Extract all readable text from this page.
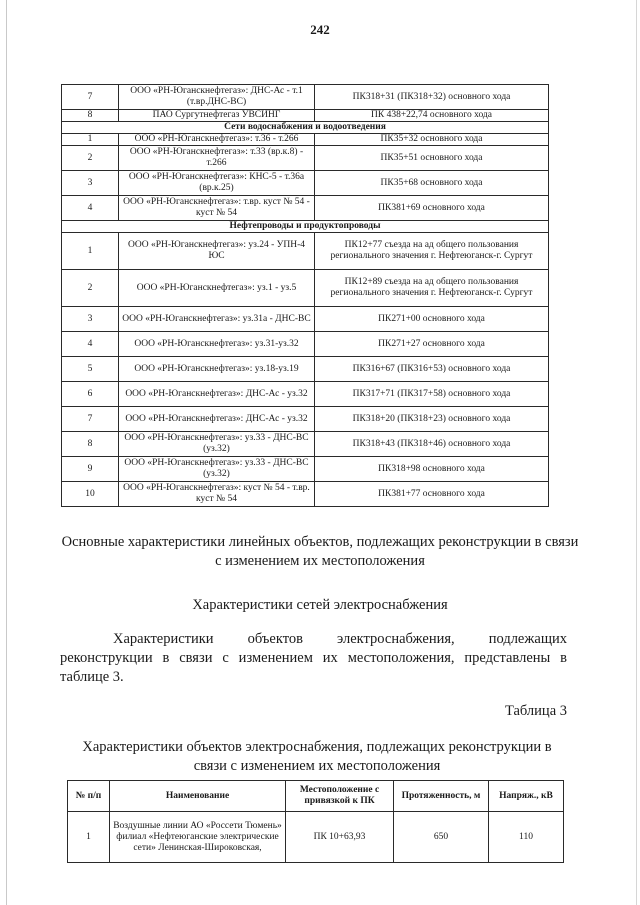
242
7	ООО «РН-Юганскнефтегаз»: ДНС-Ас - т.1 (т.вр.ДНС-ВС)	ПК318+31 (ПК318+32) основного хода
8	ПАО Сургутнефтегаз УВСИНГ	ПК 438+22,74 основного хода
Сети водоснабжения и водоотведения		
1	ООО «РН-Юганскнефтегаз»: т.36 - т.266	ПК35+32 основного хода
2	ООО «РН-Юганскнефтегаз»: т.33 (вр.к.8) - т.266	ПК35+51 основного хода
3	ООО «РН-Юганскнефтегаз»: КНС-5 - т.36а (вр.к.25)	ПК35+68 основного хода
4	ООО «РН-Юганскнефтегаз»: т.вр. куст № 54 - куст № 54	ПК381+69 основного хода
Нефтепроводы и продуктопроводы		
1	ООО «РН-Юганскнефтегаз»: уз.24 - УПН-4 ЮС	ПК12+77 съезда на ад общего пользования регионального значения г. Нефтеюганск-г. Сургут
2	ООО «РН-Юганскнефтегаз»: уз.1 - уз.5	ПК12+89 съезда на ад общего пользования регионального значения г. Нефтеюганск-г. Сургут
3	ООО «РН-Юганскнефтегаз»: уз.31а - ДНС-ВС	ПК271+00 основного хода
4	ООО «РН-Юганскнефтегаз»: уз.31-уз.32	ПК271+27 основного хода
5	ООО «РН-Юганскнефтегаз»: уз.18-уз.19	ПК316+67 (ПК316+53) основного хода
6	ООО «РН-Юганскнефтегаз»: ДНС-Ас - уз.32	ПК317+71 (ПК317+58) основного хода
7	ООО «РН-Юганскнефтегаз»: ДНС-Ас - уз.32	ПК318+20 (ПК318+23) основного хода
8	ООО «РН-Юганскнефтегаз»: уз.33 - ДНС-ВС (уз.32)	ПК318+43 (ПК318+46) основного хода
9	ООО «РН-Юганскнефтегаз»: уз.33 - ДНС-ВС (уз.32)	ПК318+98 основного хода
10	ООО «РН-Юганскнефтегаз»: куст № 54 - т.вр. куст № 54	ПК381+77 основного хода
Основные характеристики линейных объектов, подлежащих реконструкции в связи с изменением их местоположения
Характеристики сетей электроснабжения
Характеристики объектов электроснабжения, подлежащих
реконструкции в связи с изменением их местоположения, представлены в таблице 3.
Таблица 3
Характеристики объектов электроснабжения, подлежащих реконструкции в связи с изменением их местоположения
№ п/п	Наименование	Местоположение с привязкой к ПК	Протяженность, м	Напряж., кВ
1	Воздушные линии АО «Россети Тюмень» филиал «Нефтеюганские электрические сети» Ленинская-Широковская,	ПК 10+63,93	650	110
